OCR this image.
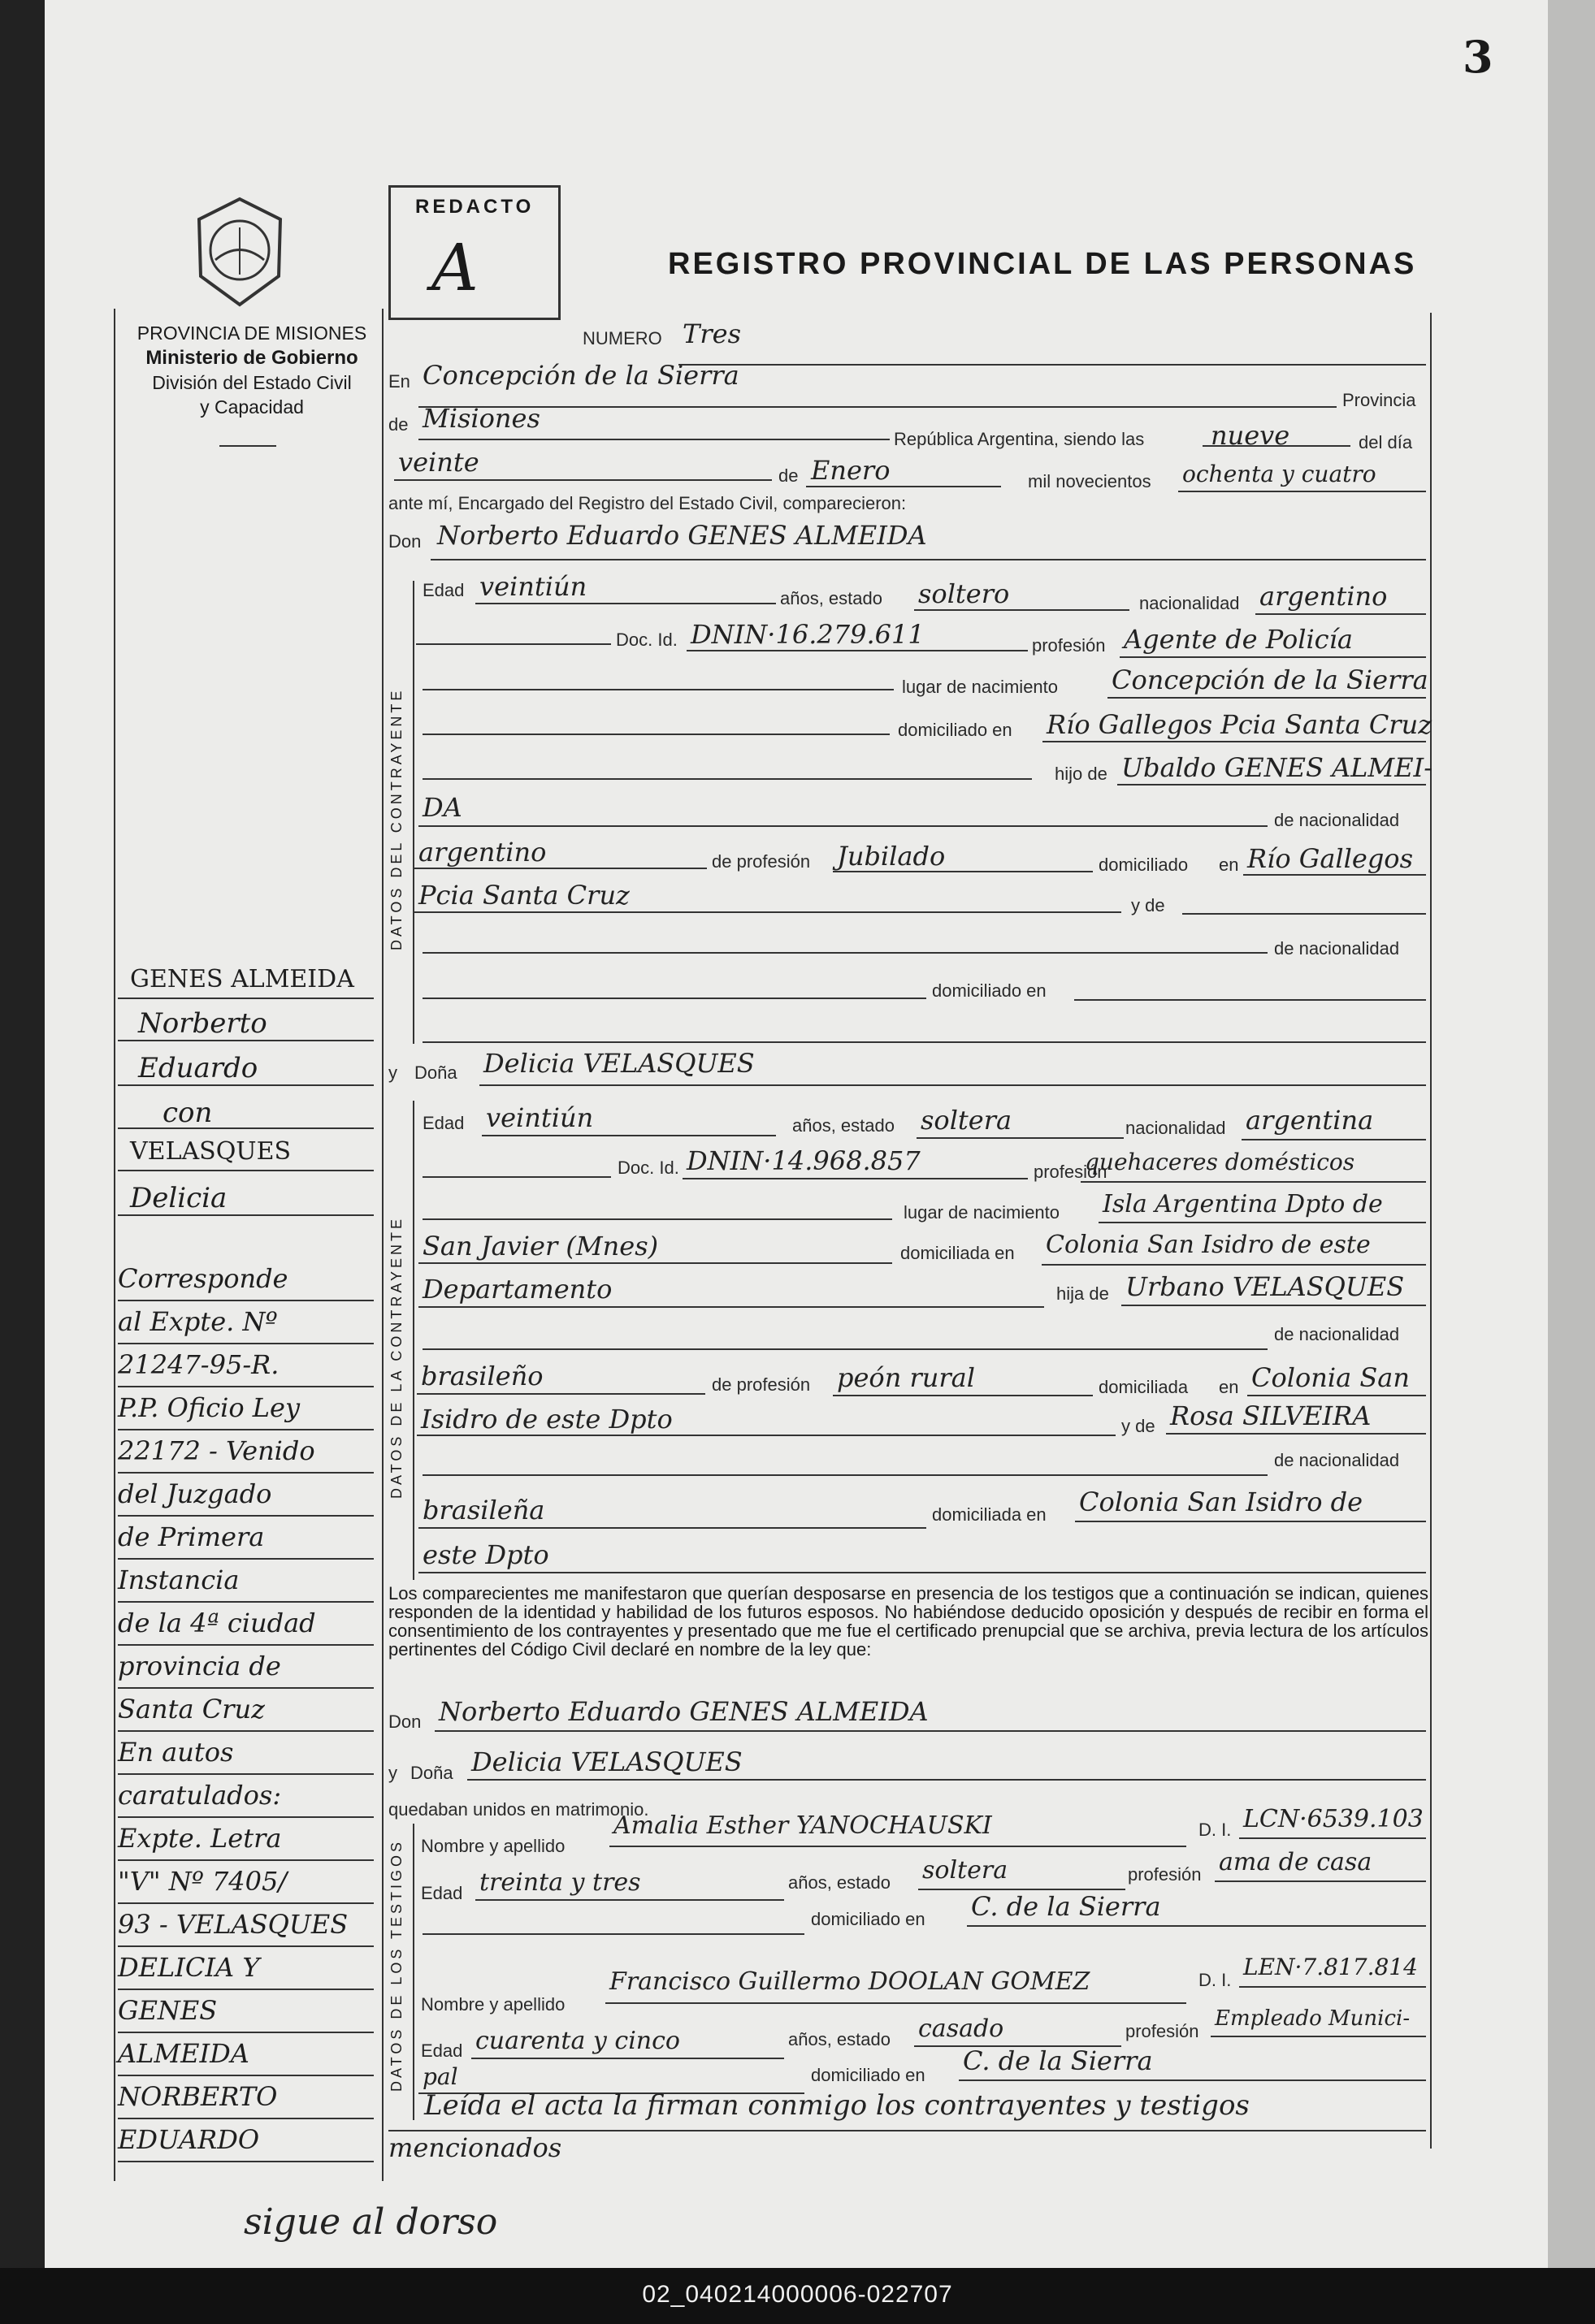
3
PROVINCIA DE MISIONES
Ministerio de Gobierno
División del Estado Civil
y Capacidad
REDACTO
A	REGISTRO PROVINCIAL DE LAS PERSONAS
DATOS DEL CONTRAYENTE
DATOS DE LA CONTRAYENTE
DATOS DE LOS TESTIGOS
NUMERO Tres
En Concepción de la Sierra
Provincia
de Misiones
República Argentina, siendo las	nueve	del día
veinte	de Enero	mil novecientos ochenta y cuatro
ante mí, Encargado del Registro del Estado Civil, comparecieron:
Don Norberto Eduardo GENES ALMEIDA
Edad veintiún	años, estado soltero	nacionalidad argentino
Doc. Id. DNIN·16.279.611	profesión Agente de Policía
lugar de nacimiento Concepción de la Sierra
domiciliado en Río Gallegos Pcia Santa Cruz
hijo de Ubaldo GENES ALMEI-
DA	de nacionalidad
argentino	de profesión Jubilado	domiciliado en Río Gallegos
Pcia Santa Cruz	y de
de nacionalidad
domiciliado en
y Doña Delicia VELASQUES
Edad veintiún	años, estado soltera	nacionalidad argentina
Doc. Id. DNIN·14.968.857	profesión
quehaceres domésticos
lugar de nacimiento Isla Argentina Dpto de
San Javier (Mnes)	domiciliada en Colonia San Isidro de este
Departamento	hija de Urbano VELASQUES
de nacionalidad
brasileño	de profesión peón rural	domiciliada en Colonia San
Isidro de este Dpto	y de Rosa SILVEIRA
de nacionalidad
brasileña	domiciliada en Colonia San Isidro de
este Dpto
Los comparecientes me manifestaron que querían desposarse en presencia de los testigos que a continuación se indican, quienes responden de la identidad y habilidad de los futuros esposos. No habiéndose deducido oposición y después de recibir en forma el consentimiento de los contrayentes y presentado que me fue el certificado prenupcial que se archiva, previa lectura de los artículos pertinentes del Código Civil declaré en nombre de la ley que:
Don Norberto Eduardo GENES ALMEIDA
y Doña Delicia VELASQUES
quedaban unidos en matrimonio.
Nombre y apellido
Amalia Esther YANOCHAUSKI	D. I. LCN·6539.103
Edad treinta y tres	años, estado soltera	profesión ama de casa
domiciliado en C. de la Sierra
Nombre y apellido
Francisco Guillermo DOOLAN GOMEZ	D. I. LEN·7.817.814
Edad cuarenta y cinco	años, estado casado	profesión
Empleado Munici-
pal	domiciliado en C. de la Sierra
Leída el acta la firman conmigo los contrayentes y testigos
mencionados
GENES ALMEIDA
Norberto
Eduardo
con
VELASQUES
Delicia
Corresponde
al Expte. Nº
21247-95-R.
P.P. Oficio Ley
22172 - Venido
del Juzgado
de Primera
Instancia
de la 4ª ciudad
provincia de
Santa Cruz
En autos
caratulados:
Expte. Letra
"V" Nº 7405/
93 - VELASQUES
DELICIA Y
GENES
ALMEIDA
NORBERTO
EDUARDO
sigue al dorso
02_040214000006-022707
